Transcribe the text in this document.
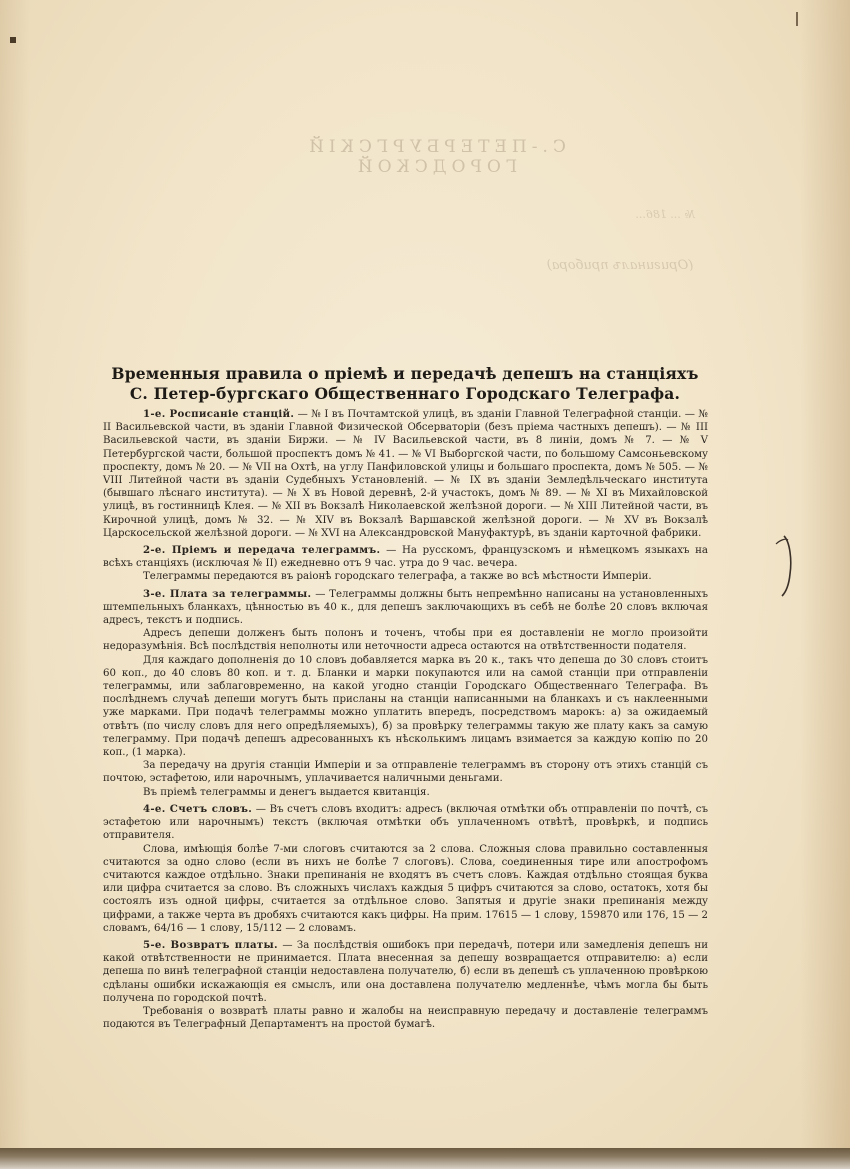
С.-ПЕТЕРБУРГСКІЙ ГОРОДСКОЙ
№ ... 186...
(Оригиналъ прибора)
Временныя правила о пріемѣ и передачѣ депешъ на станціяхъ С. Петер-бургскаго Общественнаго Городскаго Телеграфа.

1-е. Росписаніе станцій. — № I въ Почтамтской улицѣ, въ зданіи Главной Телеграфной станціи. — № II Васильевской части, въ зданіи Главной Физической Обсерваторіи (безъ пріема частныхъ депешъ). — № III Васильевской части, въ зданіи Биржи. — № IV Васильевской части, въ 8 линіи, домъ № 7. — № V Петербургской части, большой проспектъ домъ № 41. — № VI Выборгской части, по большому Самсоньевскому проспекту, домъ № 20. — № VII на Охтѣ, на углу Панфиловской улицы и большаго проспекта, домъ № 505. — № VIII Литейной части въ зданіи Судебныхъ Установленій. — № IX въ зданіи Земледѣльческаго института (бывшаго лѣснаго института). — № X въ Новой деревнѣ, 2-й участокъ, домъ № 89. — № XI въ Михайловской улицѣ, въ гостинницѣ Клея. — № XII въ Вокзалѣ Николаевской желѣзной дороги. — № XIII Литейной части, въ Кирочной улицѣ, домъ № 32. — № XIV въ Вокзалѣ Варшавской желѣзной дороги. — № XV въ Вокзалѣ Царскосельской желѣзной дороги. — № XVI на Александровской Мануфактурѣ, въ зданіи карточной фабрики.

2-е. Пріемъ и передача телеграммъ. — На русскомъ, французскомъ и нѣмецкомъ языкахъ на всѣхъ станціяхъ (исключая № II) ежедневно отъ 9 час. утра до 9 час. вечера.

Телеграммы передаются въ раіонѣ городскаго телеграфа, а также во всѣ мѣстности Имперіи.

3-е. Плата за телеграммы. — Телеграммы должны быть непремѣнно написаны на установленныхъ штемпельныхъ бланкахъ, цѣнностью въ 40 к., для депешъ заключающихъ въ себѣ не болѣе 20 словъ включая адресъ, текстъ и подпись.

Адресъ депеши долженъ быть полонъ и точенъ, чтобы при ея доставленіи не могло произойти недоразумѣнія. Всѣ послѣдствія неполноты или неточности адреса остаются на отвѣтственности подателя.

Для каждаго дополненія до 10 словъ добавляется марка въ 20 к., такъ что депеша до 30 словъ стоитъ 60 коп., до 40 словъ 80 коп. и т. д. Бланки и марки покупаются или на самой станціи при отправленіи телеграммы, или заблаговременно, на какой угодно станціи Городскаго Общественнаго Телеграфа. Въ послѣднемъ случаѣ депеши могутъ быть присланы на станціи написанными на бланкахъ и съ наклеенными уже марками. При подачѣ телеграммы можно уплатить впередъ, посредствомъ марокъ: а) за ожидаемый отвѣтъ (по числу словъ для него опредѣляемыхъ), б) за провѣрку телеграммы такую же плату какъ за самую телеграмму. При подачѣ депешъ адресованныхъ къ нѣсколькимъ лицамъ взимается за каждую копію по 20 коп., (1 марка).

За передачу на другія станціи Имперіи и за отправленіе телеграммъ въ сторону отъ этихъ станцій съ почтою, эстафетою, или нарочнымъ, уплачивается наличными деньгами.

Въ пріемѣ телеграммы и денегъ выдается квитанція.

4-е. Счетъ словъ. — Въ счетъ словъ входитъ: адресъ (включая отмѣтки объ отправленіи по почтѣ, съ эстафетою или нарочнымъ) текстъ (включая отмѣтки объ уплаченномъ отвѣтѣ, провѣркѣ, и подпись отправителя.

Слова, имѣющія болѣе 7-ми слоговъ считаются за 2 слова. Сложныя слова правильно составленныя считаются за одно слово (если въ нихъ не болѣе 7 слоговъ). Слова, соединенныя тире или апострофомъ считаются каждое отдѣльно. Знаки препинанія не входятъ въ счетъ словъ. Каждая отдѣльно стоящая буква или цифра считается за слово. Въ сложныхъ числахъ каждыя 5 цифръ считаются за слово, остатокъ, хотя бы состоялъ изъ одной цифры, считается за отдѣльное слово. Запятыя и другіе знаки препинанія между цифрами, а также черта въ дробяхъ считаются какъ цифры. На прим. 17615 — 1 слову, 159870 или 176, 15 — 2 словамъ, 64/16 — 1 слову, 15/112 — 2 словамъ.

5-е. Возвратъ платы. — За послѣдствія ошибокъ при передачѣ, потери или замедленія депешъ ни какой отвѣтственности не принимается. Плата внесенная за депешу возвращается отправителю: а) если депеша по винѣ телеграфной станціи недоставлена получателю, б) если въ депешѣ съ уплаченною провѣркою сдѣланы ошибки искажающія ея смыслъ, или она доставлена получателю медленнѣе, чѣмъ могла бы быть получена по городской почтѣ.

Требованія о возвратѣ платы равно и жалобы на неисправную передачу и доставленіе телеграммъ подаются въ Телеграфный Департаментъ на простой бумагѣ.
